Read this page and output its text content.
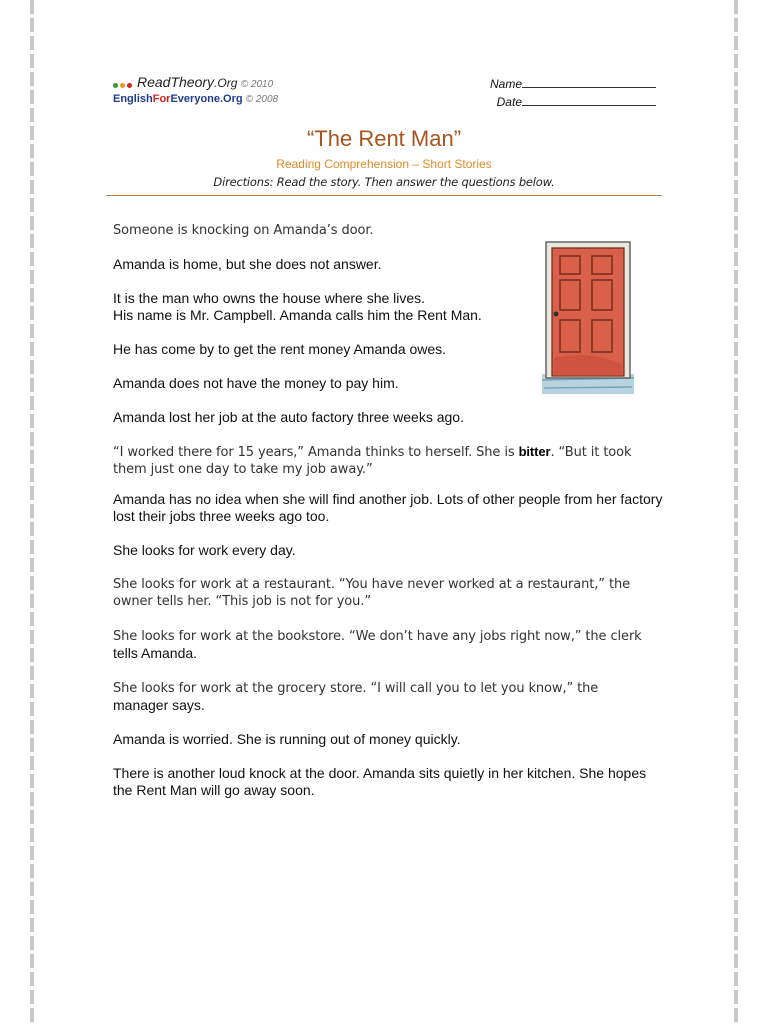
ReadTheory.Org © 2010
EnglishForEveryone.Org © 2008
Name
Date
“The Rent Man”
Reading Comprehension – Short Stories
Directions: Read the story. Then answer the questions below.

Someone is knocking on Amanda’s door.

Amanda is home, but she does not answer.

It is the man who owns the house where she lives.
His name is Mr. Campbell. Amanda calls him the Rent Man.

He has come by to get the rent money Amanda owes.

Amanda does not have the money to pay him.

Amanda lost her job at the auto factory three weeks ago.

“I worked there for 15 years,” Amanda thinks to herself. She is bitter. “But it took them just one day to take my job away.”

Amanda has no idea when she will find another job. Lots of other people from her factory lost their jobs three weeks ago too.

She looks for work every day.

She looks for work at a restaurant. “You have never worked at a restaurant,” the owner tells her. “This job is not for you.”

She looks for work at the bookstore. “We don’t have any jobs right now,” the clerk
tells Amanda.

She looks for work at the grocery store. “I will call you to let you know,” the
manager says.

Amanda is worried. She is running out of money quickly.

There is another loud knock at the door. Amanda sits quietly in her kitchen. She hopes the Rent Man will go away soon.
